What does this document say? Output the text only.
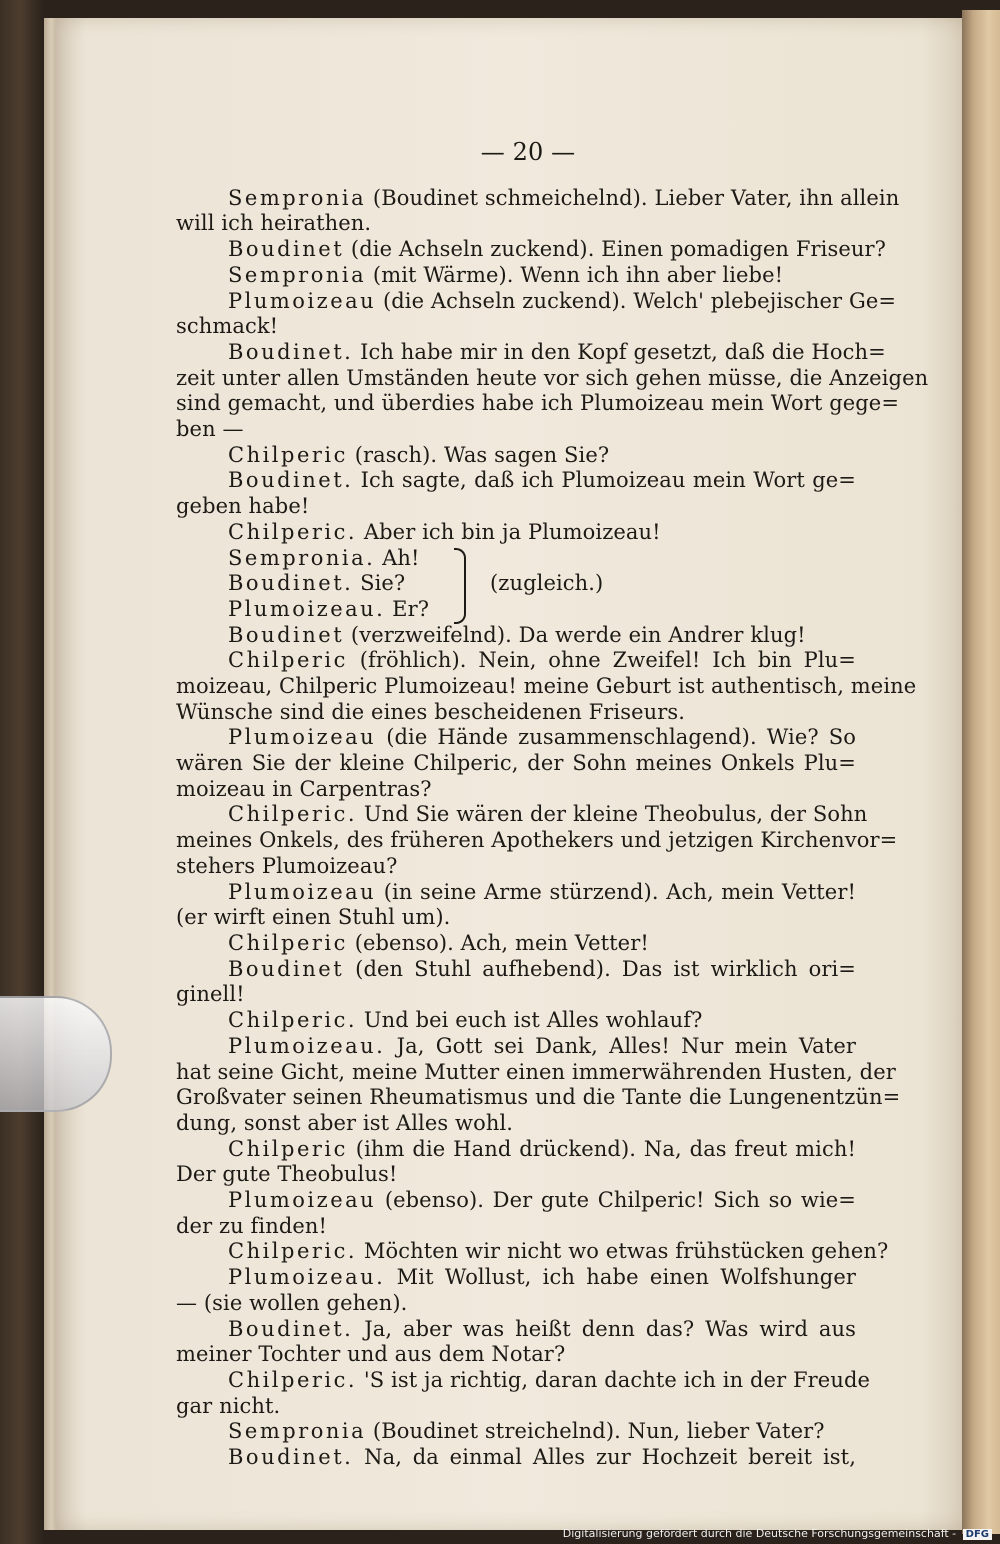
— 20 —
Sempronia (Boudinet schmeichelnd). Lieber Vater, ihn allein
will ich heirathen.
Boudinet (die Achseln zuckend). Einen pomadigen Friseur?
Sempronia (mit Wärme). Wenn ich ihn aber liebe!
Plumoizeau (die Achseln zuckend). Welch' plebejischer Ge=
schmack!
Boudinet. Ich habe mir in den Kopf gesetzt, daß die Hoch=
zeit unter allen Umständen heute vor sich gehen müsse, die Anzeigen
sind gemacht, und überdies habe ich Plumoizeau mein Wort gege=
ben —
Chilperic (rasch). Was sagen Sie?
Boudinet. Ich sagte, daß ich Plumoizeau mein Wort ge=
geben habe!
Chilperic. Aber ich bin ja Plumoizeau!
Sempronia. Ah!
Boudinet. Sie?
Plumoizeau. Er?
(zugleich.)
Boudinet (verzweifelnd). Da werde ein Andrer klug!
Chilperic (fröhlich). Nein, ohne Zweifel! Ich bin Plu=
moizeau, Chilperic Plumoizeau! meine Geburt ist authentisch, meine
Wünsche sind die eines bescheidenen Friseurs.
Plumoizeau (die Hände zusammenschlagend). Wie? So
wären Sie der kleine Chilperic, der Sohn meines Onkels Plu=
moizeau in Carpentras?
Chilperic. Und Sie wären der kleine Theobulus, der Sohn
meines Onkels, des früheren Apothekers und jetzigen Kirchenvor=
stehers Plumoizeau?
Plumoizeau (in seine Arme stürzend). Ach, mein Vetter!
(er wirft einen Stuhl um).
Chilperic (ebenso). Ach, mein Vetter!
Boudinet (den Stuhl aufhebend). Das ist wirklich ori=
ginell!
Chilperic. Und bei euch ist Alles wohlauf?
Plumoizeau. Ja, Gott sei Dank, Alles! Nur mein Vater
hat seine Gicht, meine Mutter einen immerwährenden Husten, der
Großvater seinen Rheumatismus und die Tante die Lungenentzün=
dung, sonst aber ist Alles wohl.
Chilperic (ihm die Hand drückend). Na, das freut mich!
Der gute Theobulus!
Plumoizeau (ebenso). Der gute Chilperic! Sich so wie=
der zu finden!
Chilperic. Möchten wir nicht wo etwas frühstücken gehen?
Plumoizeau. Mit Wollust, ich habe einen Wolfshunger
— (sie wollen gehen).
Boudinet. Ja, aber was heißt denn das? Was wird aus
meiner Tochter und aus dem Notar?
Chilperic. 'S ist ja richtig, daran dachte ich in der Freude
gar nicht.
Sempronia (Boudinet streichelnd). Nun, lieber Vater?
Boudinet. Na, da einmal Alles zur Hochzeit bereit ist,
Digitalisierung gefördert durch die Deutsche Forschungsgemeinschaft - DFG
